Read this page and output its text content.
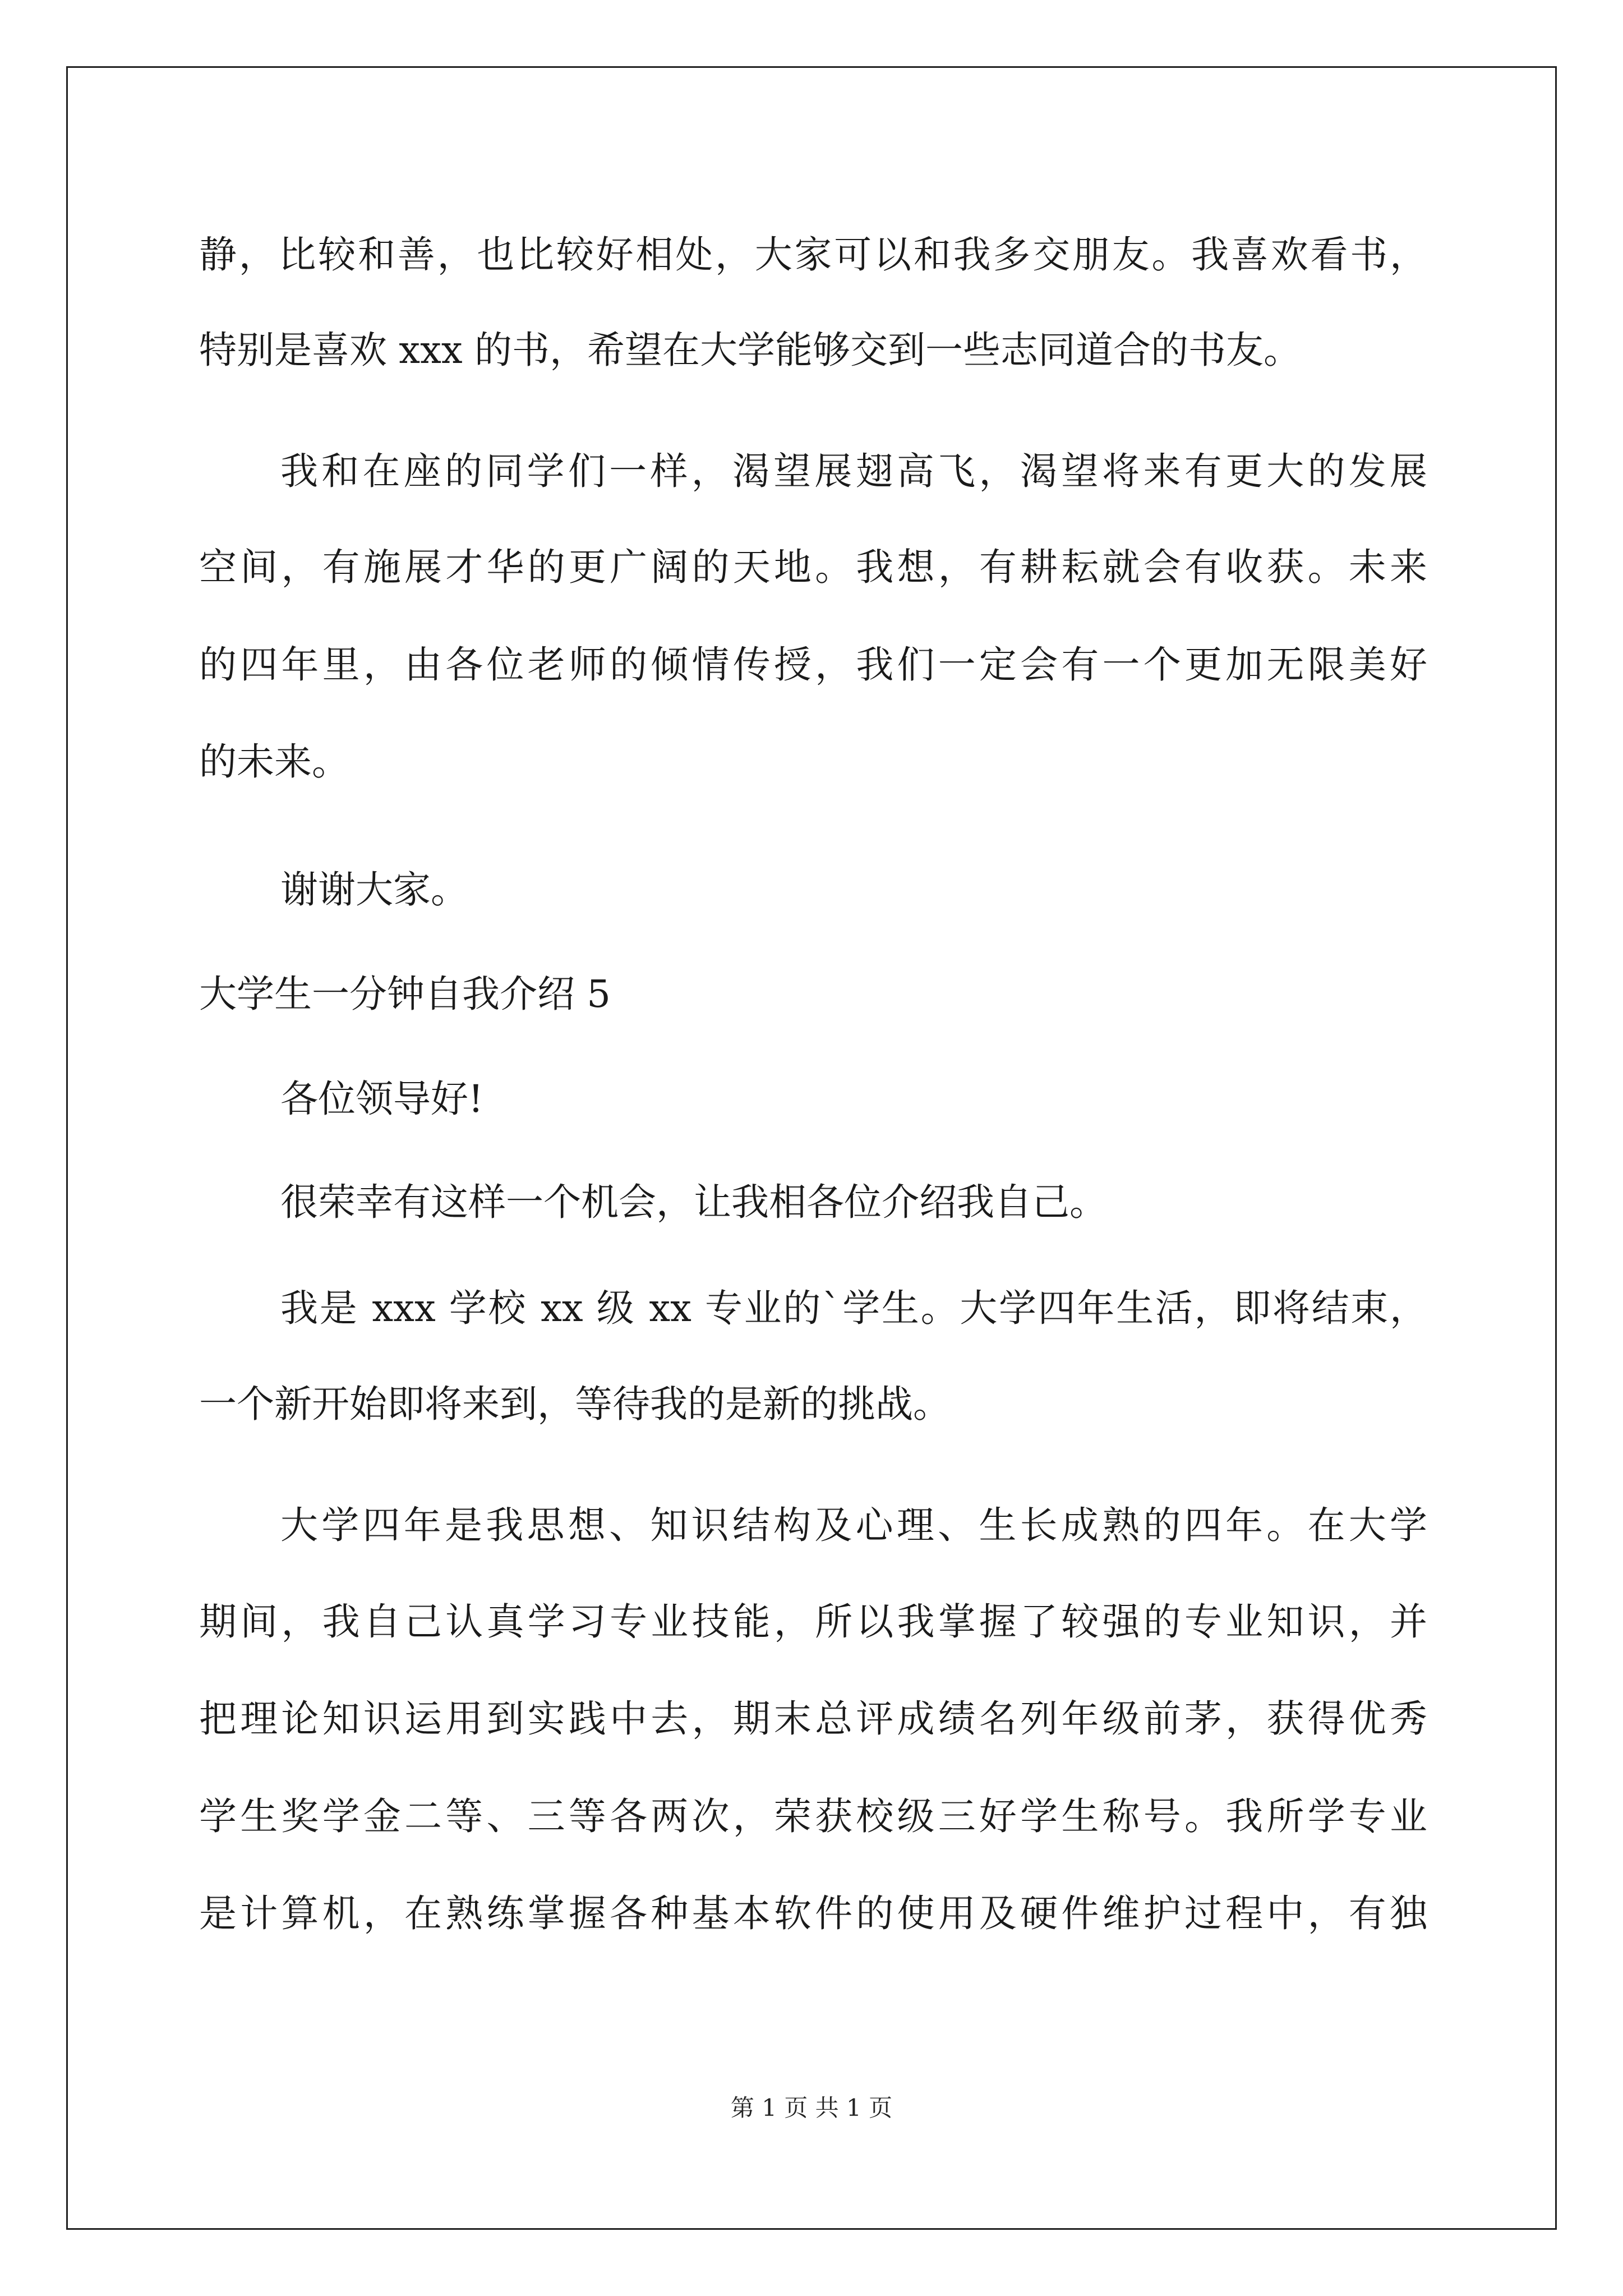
静，比较和善，也比较好相处，大家可以和我多交朋友。我喜欢看书，

特别是喜欢 xxx 的书，希望在大学能够交到一些志同道合的书友。

我和在座的同学们一样，渴望展翅高飞，渴望将来有更大的发展

空间，有施展才华的更广阔的天地。我想，有耕耘就会有收获。未来

的四年里，由各位老师的倾情传授，我们一定会有一个更加无限美好

的未来。

谢谢大家。

大学生一分钟自我介绍 5

各位领导好!

很荣幸有这样一个机会，让我相各位介绍我自己。

我是 xxx 学校 xx 级 xx 专业的`学生。大学四年生活，即将结束，

一个新开始即将来到，等待我的是新的挑战。

大学四年是我思想、知识结构及心理、生长成熟的四年。在大学

期间，我自己认真学习专业技能，所以我掌握了较强的专业知识，并

把理论知识运用到实践中去，期末总评成绩名列年级前茅，获得优秀

学生奖学金二等、三等各两次，荣获校级三好学生称号。我所学专业

是计算机，在熟练掌握各种基本软件的使用及硬件维护过程中，有独

第 1 页 共 1 页
